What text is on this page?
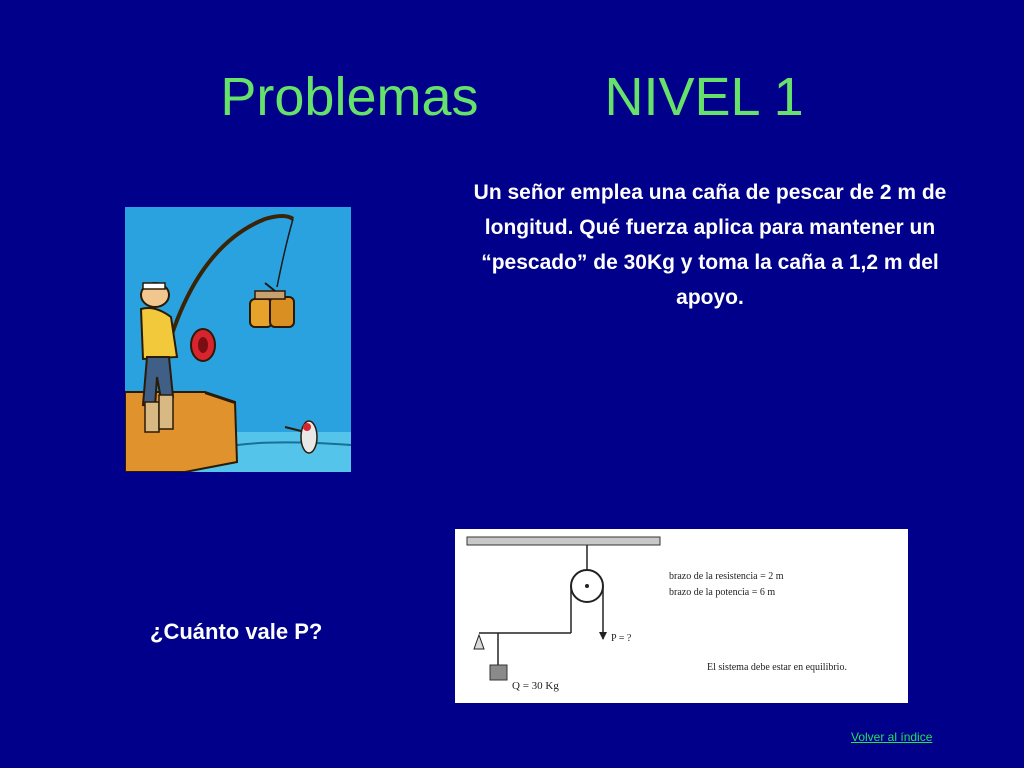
Problemas NIVEL 1
Un señor emplea una caña de pescar de 2 m de longitud. Qué fuerza aplica para mantener un “pescado” de 30Kg y toma la caña a 1,2 m del apoyo.
¿Cuánto vale P?
Q = 30 Kg
P = ?
brazo de la resistencia = 2 m
brazo de la potencia = 6 m
El sistema debe estar en equilibrio.
Volver al índice
